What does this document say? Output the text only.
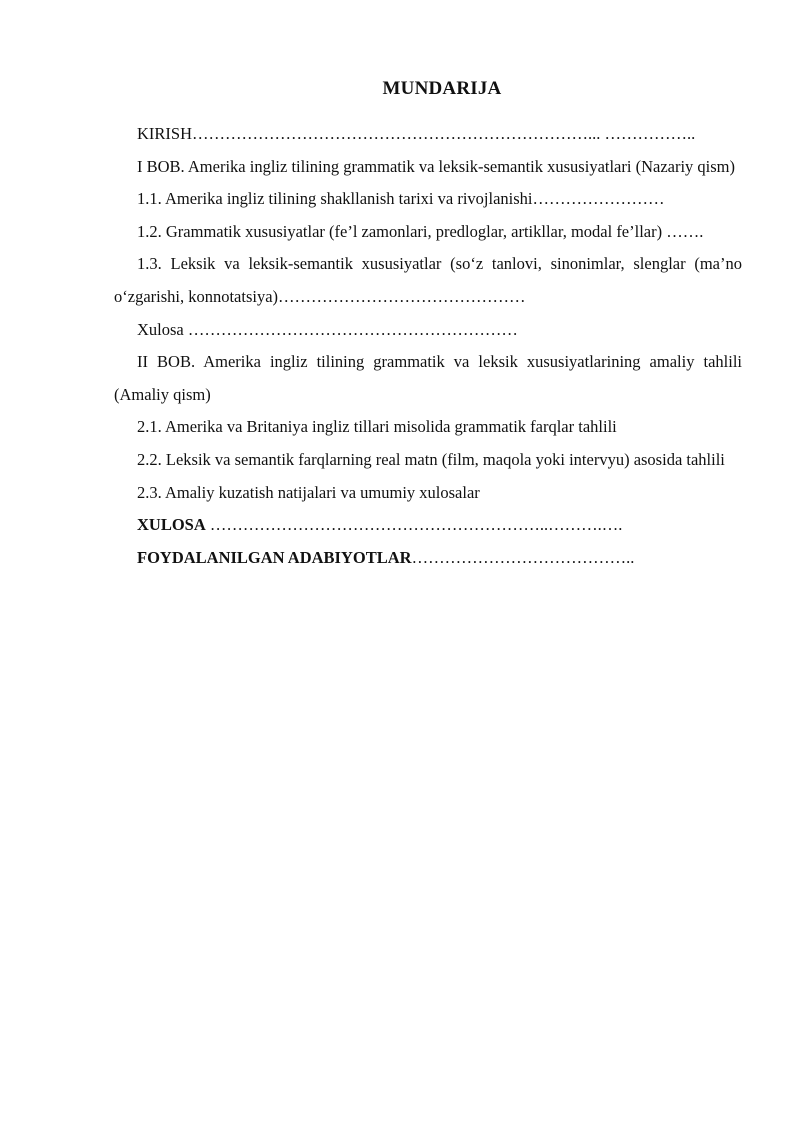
MUNDARIJA

KIRISH………………………………………………………………... ……………..

I BOB. Amerika ingliz tilining grammatik va leksik-semantik xususiyatlari (Nazariy qism)

1.1. Amerika ingliz tilining shakllanish tarixi va rivojlanishi……………………

1.2. Grammatik xususiyatlar (fe’l zamonlari, predloglar, artikllar, modal fe’llar) …….

1.3. Leksik va leksik-semantik xususiyatlar (soʻz tanlovi, sinonimlar, slenglar (ma’no oʻzgarishi, konnotatsiya)………………………………………

Xulosa ……………………………………………………

II BOB. Amerika ingliz tilining grammatik va leksik xususiyatlarining amaliy tahlili (Amaliy qism)

2.1. Amerika va Britaniya ingliz tillari misolida grammatik farqlar tahlili

2.2. Leksik va semantik farqlarning real matn (film, maqola yoki intervyu) asosida tahlili

2.3. Amaliy kuzatish natijalari va umumiy xulosalar

XULOSA ……………………………………………………..……….….

FOYDALANILGAN ADABIYOTLAR…………………………………..
